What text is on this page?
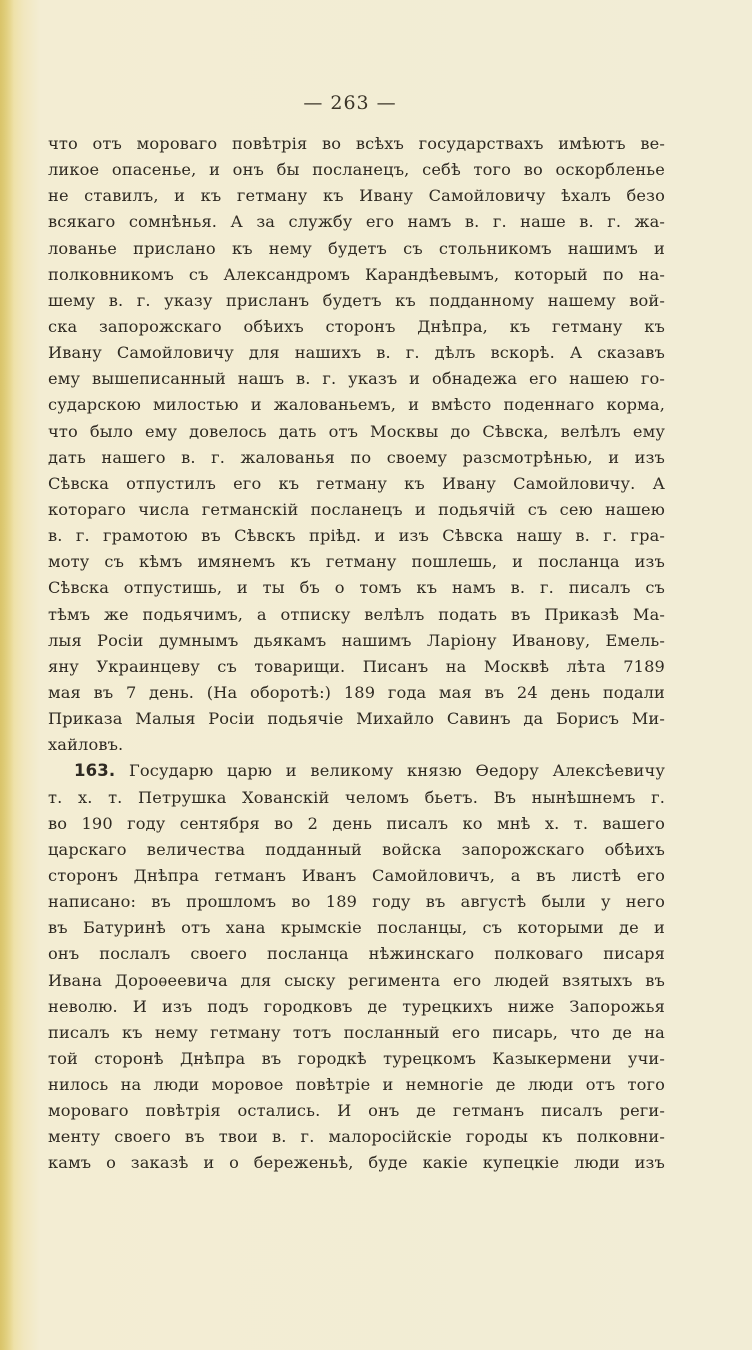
— 263 —
что отъ мороваго повѣтрія во всѣхъ государствахъ имѣютъ ве-
ликое опасенье, и онъ бы посланецъ, себѣ того во оскорбленье
не ставилъ, и къ гетману къ Ивану Самойловичу ѣхалъ безо
всякаго сомнѣнья. А за службу его намъ в. г. наше в. г. жа-
лованье прислано къ нему будетъ съ стольникомъ нашимъ и
полковникомъ съ Александромъ Карандѣевымъ, который по на-
шему в. г. указу присланъ будетъ къ подданному нашему вой-
ска запорожскаго обѣихъ сторонъ Днѣпра, къ гетману къ
Ивану Самойловичу для нашихъ в. г. дѣлъ вскорѣ. А сказавъ
ему вышеписанный нашъ в. г. указъ и обнадежа его нашею го-
сударскою милостью и жалованьемъ, и вмѣсто поденнаго корма,
что было ему довелось дать отъ Москвы до Сѣвска, велѣлъ ему
дать нашего в. г. жалованья по своему разсмотрѣнью, и изъ
Сѣвска отпустилъ его къ гетману къ Ивану Самойловичу. А
котораго числа гетманскій посланецъ и подьячій съ сею нашею
в. г. грамотою въ Сѣвскъ пріѣд. и изъ Сѣвска нашу в. г. гра-
моту съ кѣмъ имянемъ къ гетману пошлешь, и посланца изъ
Сѣвска отпустишь, и ты бъ о томъ къ намъ в. г. писалъ съ
тѣмъ же подьячимъ, а отписку велѣлъ подать въ Приказѣ Ма-
лыя Росіи думнымъ дьякамъ нашимъ Ларіону Иванову, Емель-
яну Украинцеву съ товарищи. Писанъ на Москвѣ лѣта 7189
мая въ 7 день. (На оборотѣ:) 189 года мая въ 24 день подали
Приказа Малыя Росіи подьячіе Михайло Савинъ да Борисъ Ми-
хайловъ.
163. Государю царю и великому князю Ѳедору Алексѣевичу
т. х. т. Петрушка Хованскій челомъ бьетъ. Въ нынѣшнемъ г.
во 190 году сентября во 2 день писалъ ко мнѣ х. т. вашего
царскаго величества подданный войска запорожскаго обѣихъ
сторонъ Днѣпра гетманъ Иванъ Самойловичъ, а въ листѣ его
написано: въ прошломъ во 189 году въ августѣ были у него
въ Батуринѣ отъ хана крымскіе посланцы, съ которыми де и
онъ послалъ своего посланца нѣжинскаго полковаго писаря
Ивана Дороѳеевича для сыску регимента его людей взятыхъ въ
неволю. И изъ подъ городковъ де турецкихъ ниже Запорожья
писалъ къ нему гетману тотъ посланный его писарь, что де на
той сторонѣ Днѣпра въ городкѣ турецкомъ Казыкермени учи-
нилось на люди моровое повѣтріе и немногіе де люди отъ того
мороваго повѣтрія остались. И онъ де гетманъ писалъ реги-
менту своего въ твои в. г. малоросійскіе городы къ полковни-
камъ о заказѣ и о береженьѣ, буде какіе купецкіе люди изъ
